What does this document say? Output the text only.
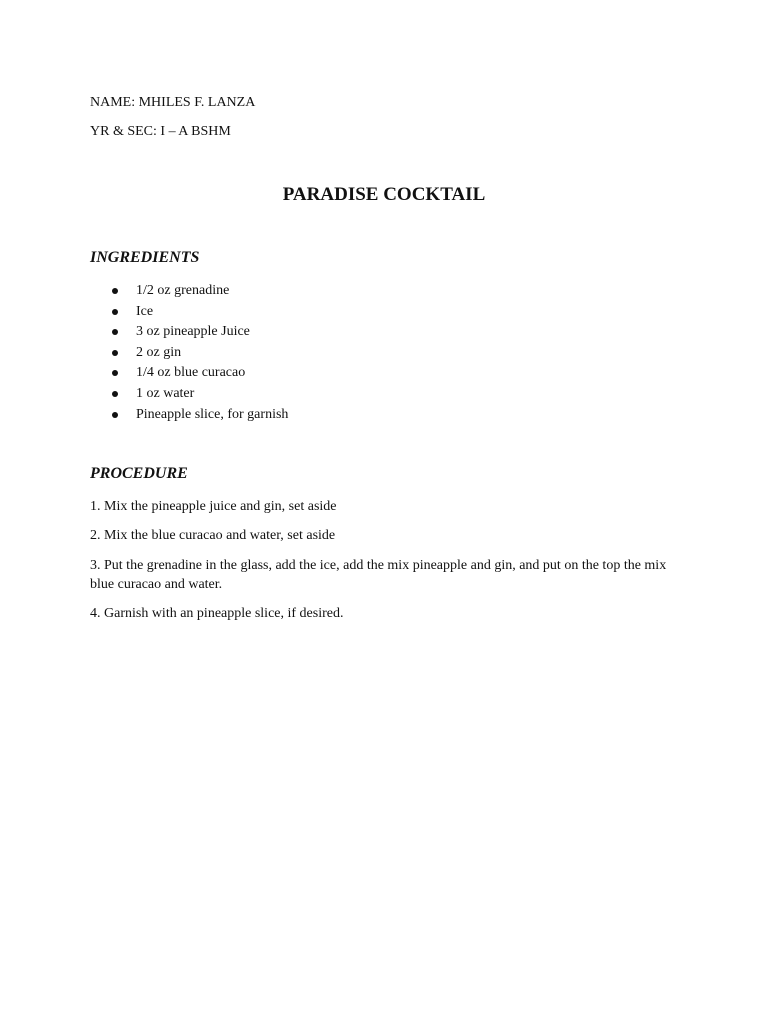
NAME: MHILES F. LANZA
YR & SEC: I – A BSHM
PARADISE COCKTAIL
INGREDIENTS
1/2 oz grenadine
Ice
3 oz pineapple Juice
2 oz gin
1/4 oz blue curacao
1 oz water
Pineapple slice, for garnish
PROCEDURE
1. Mix the pineapple juice and gin, set aside
2. Mix the blue curacao and water, set aside
3. Put the grenadine in the glass, add the ice, add the mix pineapple and gin, and put on the top the mix blue curacao and water.
4. Garnish with an pineapple slice, if desired.
